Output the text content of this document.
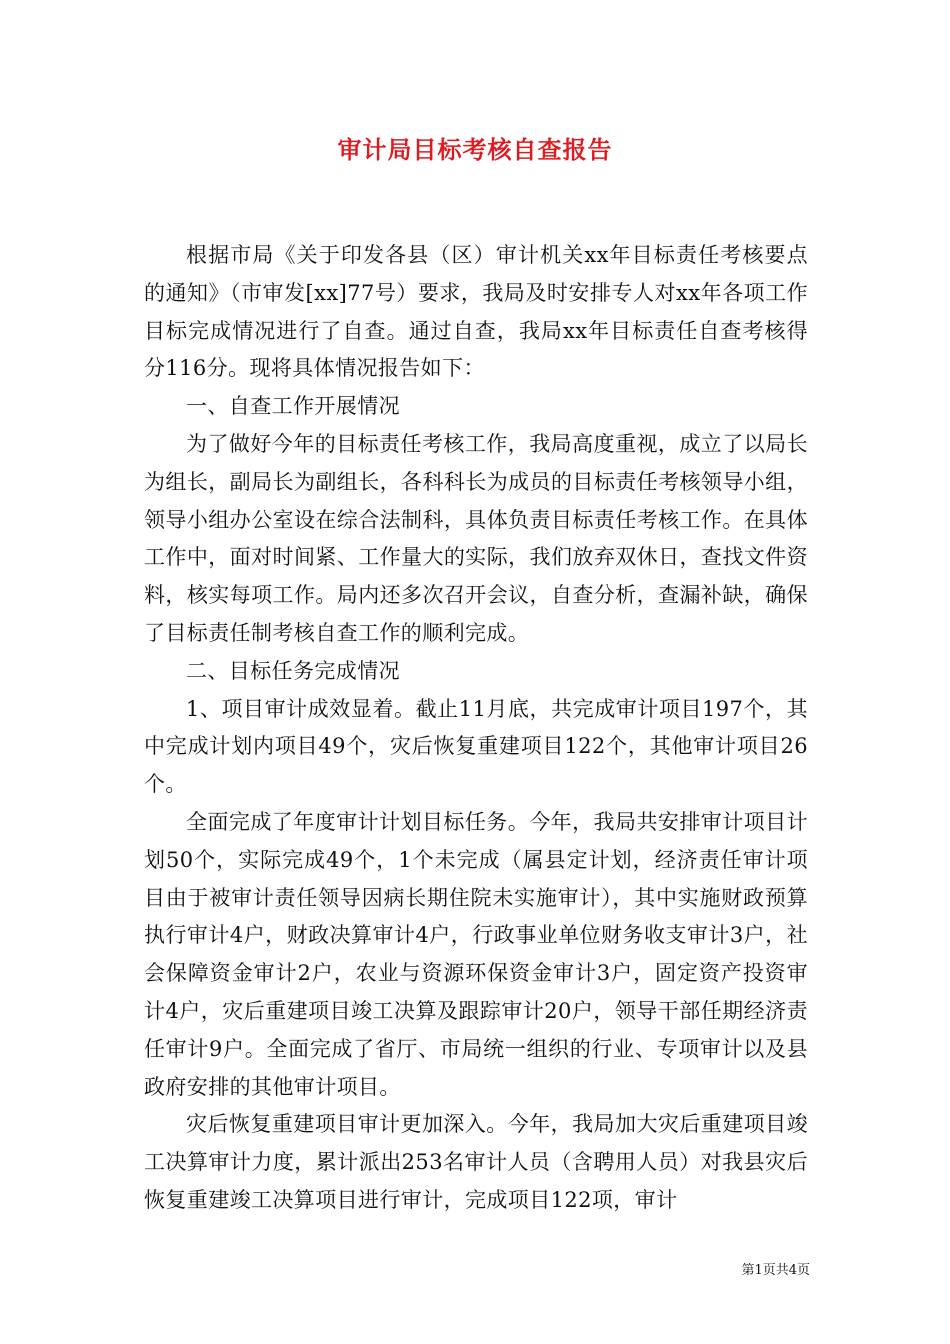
审计局目标考核自查报告

根据市局《关于印发各县（区）审计机关xx年目标责任考核要点的通知》（市审发[xx]77号）要求，我局及时安排专人对xx年各项工作目标完成情况进行了自查。通过自查，我局xx年目标责任自查考核得分116分。现将具体情况报告如下：

一、自查工作开展情况

为了做好今年的目标责任考核工作，我局高度重视，成立了以局长为组长，副局长为副组长，各科科长为成员的目标责任考核领导小组，领导小组办公室设在综合法制科，具体负责目标责任考核工作。在具体工作中，面对时间紧、工作量大的实际，我们放弃双休日，查找文件资料，核实每项工作。局内还多次召开会议，自查分析，查漏补缺，确保了目标责任制考核自查工作的顺利完成。

二、目标任务完成情况

1、项目审计成效显着。截止11月底，共完成审计项目197个，其中完成计划内项目49个，灾后恢复重建项目122个，其他审计项目26个。

全面完成了年度审计计划目标任务。今年，我局共安排审计项目计划50个，实际完成49个，1个未完成（属县定计划，经济责任审计项目由于被审计责任领导因病长期住院未实施审计），其中实施财政预算执行审计4户，财政决算审计4户，行政事业单位财务收支审计3户，社会保障资金审计2户，农业与资源环保资金审计3户，固定资产投资审计4户，灾后重建项目竣工决算及跟踪审计20户，领导干部任期经济责任审计9户。全面完成了省厅、市局统一组织的行业、专项审计以及县政府安排的其他审计项目。

灾后恢复重建项目审计更加深入。今年，我局加大灾后重建项目竣工决算审计力度，累计派出253名审计人员（含聘用人员）对我县灾后恢复重建竣工决算项目进行审计，完成项目122项，审计

第1页共4页
